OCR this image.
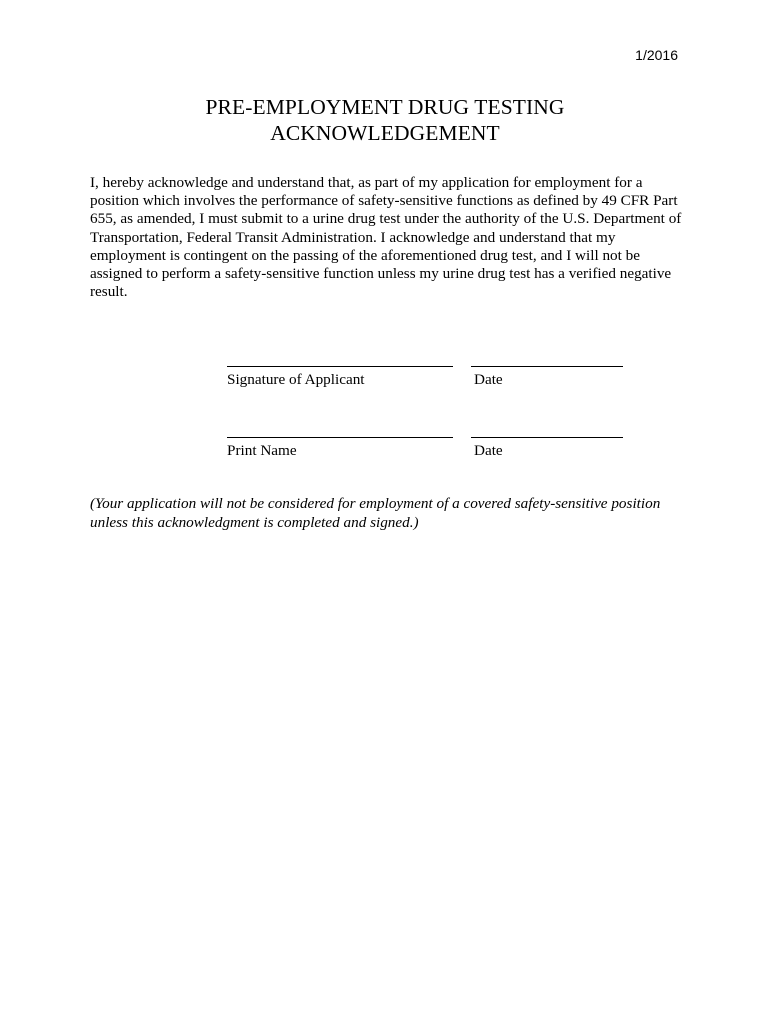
1/2016
PRE-EMPLOYMENT DRUG TESTING
ACKNOWLEDGEMENT
I, hereby acknowledge and understand that, as part of my application for employment for a
position which involves the performance of safety-sensitive functions as defined by 49 CFR Part
655, as amended, I must submit to a urine drug test under the authority of the U.S. Department of
Transportation, Federal Transit Administration. I acknowledge and understand that my
employment is contingent on the passing of the aforementioned drug test, and I will not be
assigned to perform a safety-sensitive function unless my urine drug test has a verified negative
result.
Signature of Applicant	Date
Print Name	Date
(Your application will not be considered for employment of a covered safety-sensitive position
unless this acknowledgment is completed and signed.)
